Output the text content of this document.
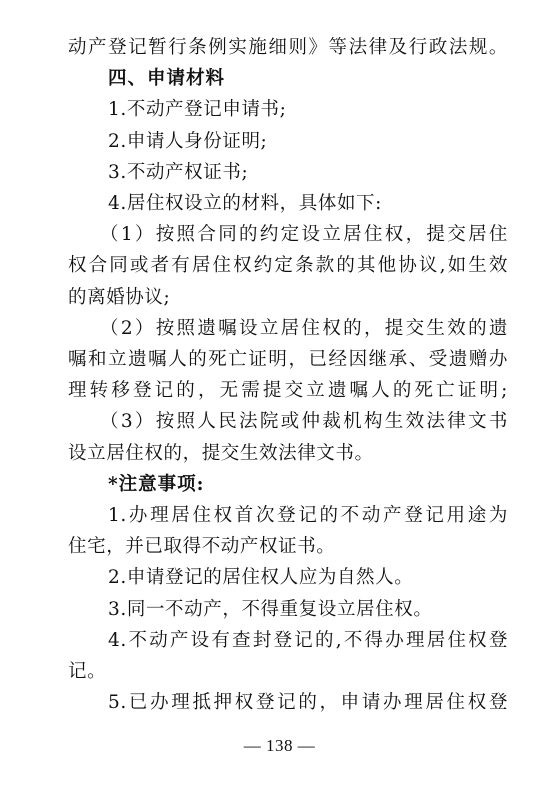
动产登记暂行条例实施细则》等法律及行政法规。
四、申请材料
1.不动产登记申请书;
2.申请人身份证明;
3.不动产权证书;
4.居住权设立的材料，具体如下:
（1）按照合同的约定设立居住权，提交居住
权合同或者有居住权约定条款的其他协议,如生效
的离婚协议;
（2）按照遗嘱设立居住权的，提交生效的遗
嘱和立遗嘱人的死亡证明，已经因继承、受遗赠办
理转移登记的，无需提交立遗嘱人的死亡证明;
（3）按照人民法院或仲裁机构生效法律文书
设立居住权的，提交生效法律文书。
*注意事项:
1.办理居住权首次登记的不动产登记用途为
住宅，并已取得不动产权证书。
2.申请登记的居住权人应为自然人。
3.同一不动产，不得重复设立居住权。
4.不动产设有查封登记的,不得办理居住权登
记。
5.已办理抵押权登记的，申请办理居住权登
— 138 —
